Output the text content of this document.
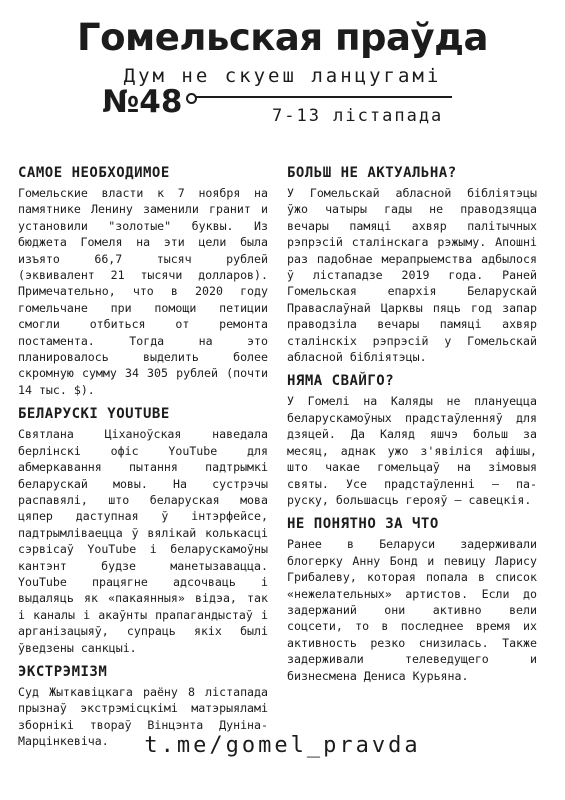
Гомельская праўда
Дум не скуеш ланцугамі
№48	7-13 лістапада
САМОЕ НЕОБХОДИМОЕ

Гомельские власти к 7 ноября на памятнике Ленину заменили гранит и установили "золотые" буквы. Из бюджета Гомеля на эти цели была изъято 66,7 тысяч рублей (эквивалент 21 тысячи долларов). Примечательно, что в 2020 году гомельчане при помощи петиции смогли отбиться от ремонта постамента. Тогда на это планировалось выделить более скромную сумму 34 305 рублей (почти 14 тыс. $).

БЕЛАРУСКІ YOUTUBE

Святлана Ціханоўская наведала берлінскі офіс YouTube для абмеркавання пытання падтрымкі беларускай мовы. На сустрэчы распавялі, што беларуская мова цяпер даступная ў інтэрфейсе, падтрымліваецца ў вялікай колькасці сэрвісаў YouTube і беларускамоўны кантэнт будзе манетызавацца. YouTube працягне адсочваць і выдаляць як «пакаянныя» відэа, так і каналы і акаўнты прапагандыстаў і арганізацыяў, супраць якіх былі ўведзены санкцыі.

ЭКСТРЭМІЗМ

Суд Жыткавіцкага раёну 8 лістапада прызнаў экстрэмісцкімі матэрыяламі зборнікі твораў Вінцэнта Дуніна-Марцінкевіча.

БОЛЬШ НЕ АКТУАЛЬНА?

У Гомельскай абласной бібліятэцы ўжо чатыры гады не праводзяцца вечары памяці ахвяр палітычных рэпрэсій сталінскага рэжыму. Апошні раз падобнае мерапрыемства адбылося ў лістападзе 2019 года. Раней Гомельская епархія Беларускай Праваслаўнай Царквы пяць год запар праводзіла вечары памяці ахвяр сталінскіх рэпрэсій у Гомельскай абласной бібліятэцы.

НЯМА СВАЙГО?

У Гомелі на Каляды не плануецца беларускамоўных прадстаўленняў для дзяцей. Да Каляд яшчэ больш за месяц, аднак ужо з'явіліся афішы, што чакае гомельцаў на зімовыя святы. Усе прадстаўленні — па-руску, большасць герояў — савецкія.

НЕ ПОНЯТНО ЗА ЧТО

Ранее в Беларуси задерживали блогерку Анну Бонд и певицу Ларису Грибалеву, которая попала в список «нежелательных» артистов. Если до задержаний они активно вели соцсети, то в последнее время их активность резко снизилась. Также задерживали телеведущего и бизнесмена Дениса Курьяна.

t.me/gomel_pravda
